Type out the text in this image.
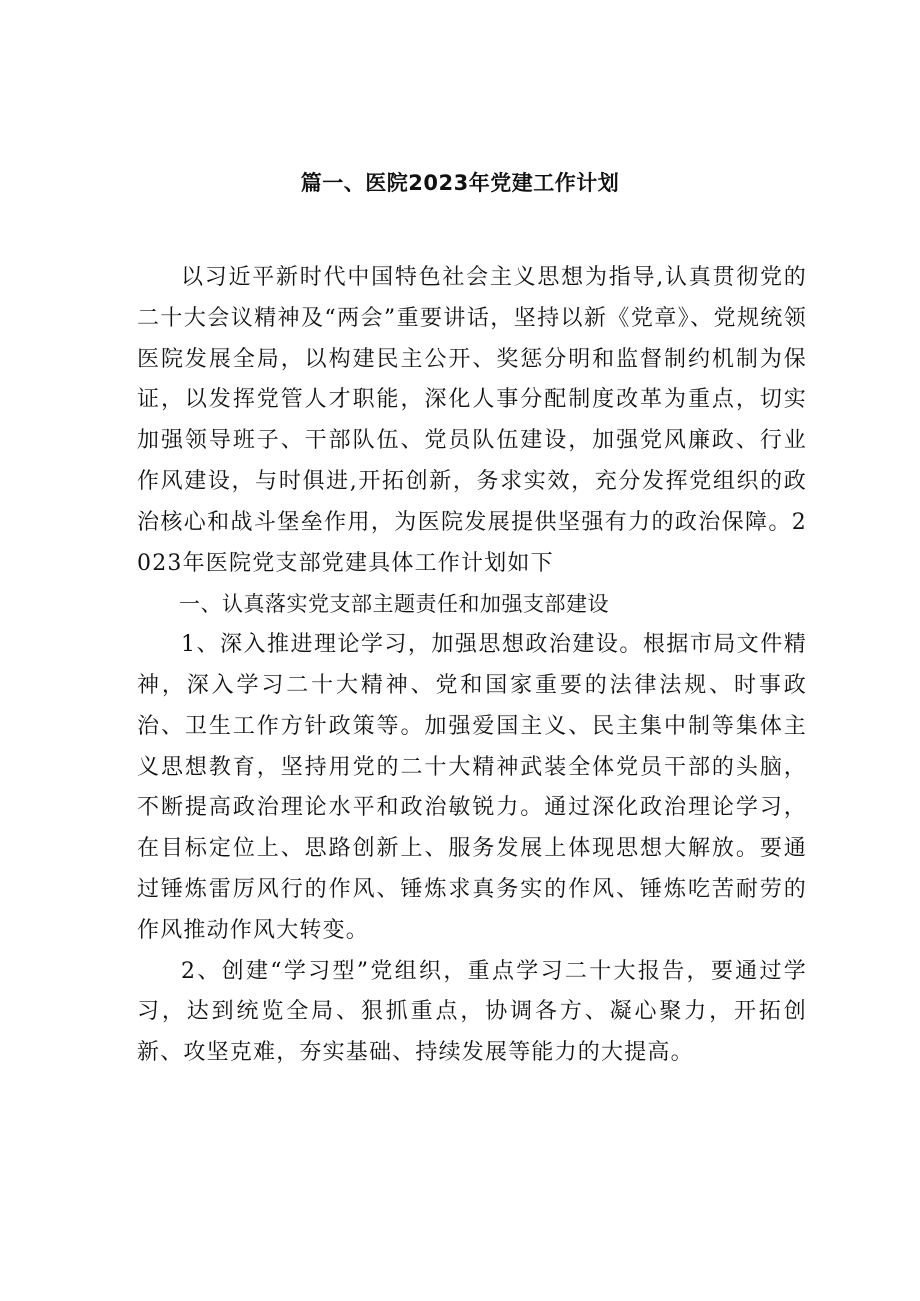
篇一、医院2023年党建工作计划

以习近平新时代中国特色社会主义思想为指导,认真贯彻党的二十大会议精神及“两会”重要讲话，坚持以新《党章》、党规统领医院发展全局，以构建民主公开、奖惩分明和监督制约机制为保证，以发挥党管人才职能，深化人事分配制度改革为重点，切实加强领导班子、干部队伍、党员队伍建设，加强党风廉政、行业作风建设，与时俱进,开拓创新，务求实效，充分发挥党组织的政治核心和战斗堡垒作用，为医院发展提供坚强有力的政治保障。2023年医院党支部党建具体工作计划如下

一、认真落实党支部主题责任和加强支部建设

1、深入推进理论学习，加强思想政治建设。根据市局文件精神，深入学习二十大精神、党和国家重要的法律法规、时事政治、卫生工作方针政策等。加强爱国主义、民主集中制等集体主义思想教育，坚持用党的二十大精神武装全体党员干部的头脑，不断提高政治理论水平和政治敏锐力。通过深化政治理论学习，在目标定位上、思路创新上、服务发展上体现思想大解放。要通过锤炼雷厉风行的作风、锤炼求真务实的作风、锤炼吃苦耐劳的作风推动作风大转变。

2、创建“学习型”党组织，重点学习二十大报告，要通过学习，达到统览全局、狠抓重点，协调各方、凝心聚力，开拓创新、攻坚克难，夯实基础、持续发展等能力的大提高。
